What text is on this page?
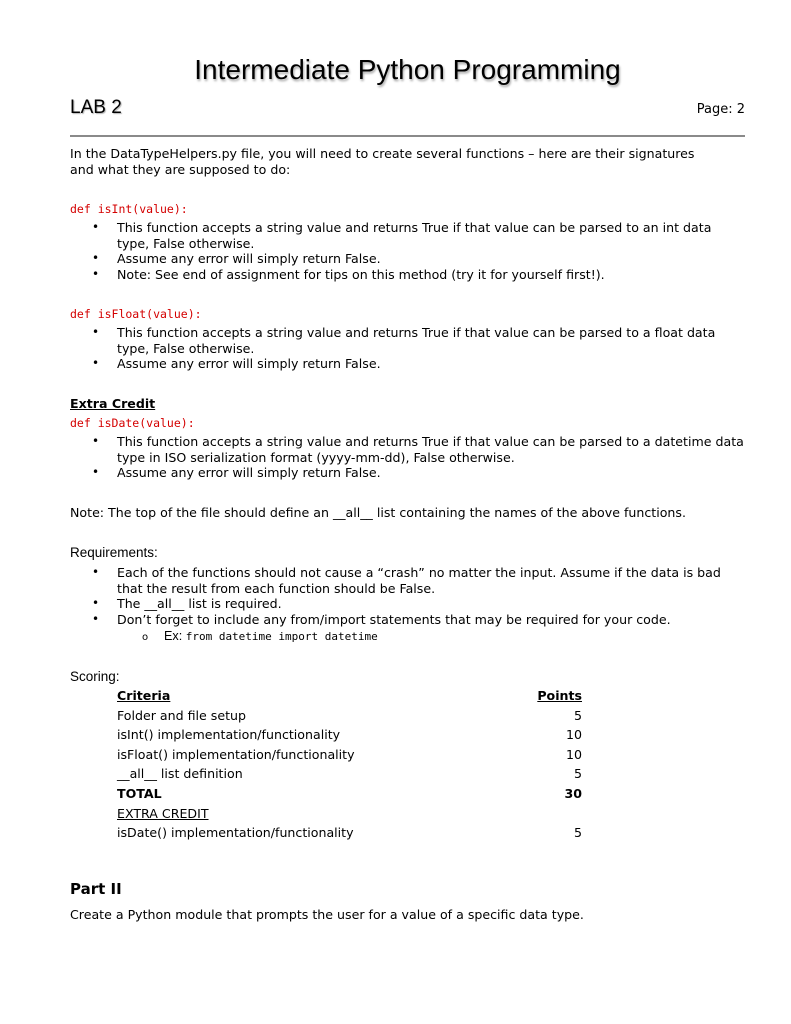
Intermediate Python Programming
LAB 2	Page: 2
In the DataTypeHelpers.py file, you will need to create several functions – here are their signatures
and what they are supposed to do:
def isInt(value):
• This function accepts a string value and returns True if that value can be parsed to an int data type, False otherwise.
• Assume any error will simply return False.
• Note: See end of assignment for tips on this method (try it for yourself first!).
def isFloat(value):
• This function accepts a string value and returns True if that value can be parsed to a float data type, False otherwise.
• Assume any error will simply return False.
Extra Credit
def isDate(value):
• This function accepts a string value and returns True if that value can be parsed to a datetime data type in ISO serialization format (yyyy-mm-dd), False otherwise.
• Assume any error will simply return False.
Note: The top of the file should define an __all__ list containing the names of the above functions.
Requirements:
• Each of the functions should not cause a “crash” no matter the input. Assume if the data is bad that the result from each function should be False.
• The __all__ list is required.
• Don’t forget to include any from/import statements that may be required for your code.
o Ex: from datetime import datetime
Scoring:
Criteria	Points
Folder and file setup	5
isInt() implementation/functionality	10
isFloat() implementation/functionality	10
__all__ list definition	5
TOTAL	30
EXTRA CREDIT
isDate() implementation/functionality	5
Part II
Create a Python module that prompts the user for a value of a specific data type.
